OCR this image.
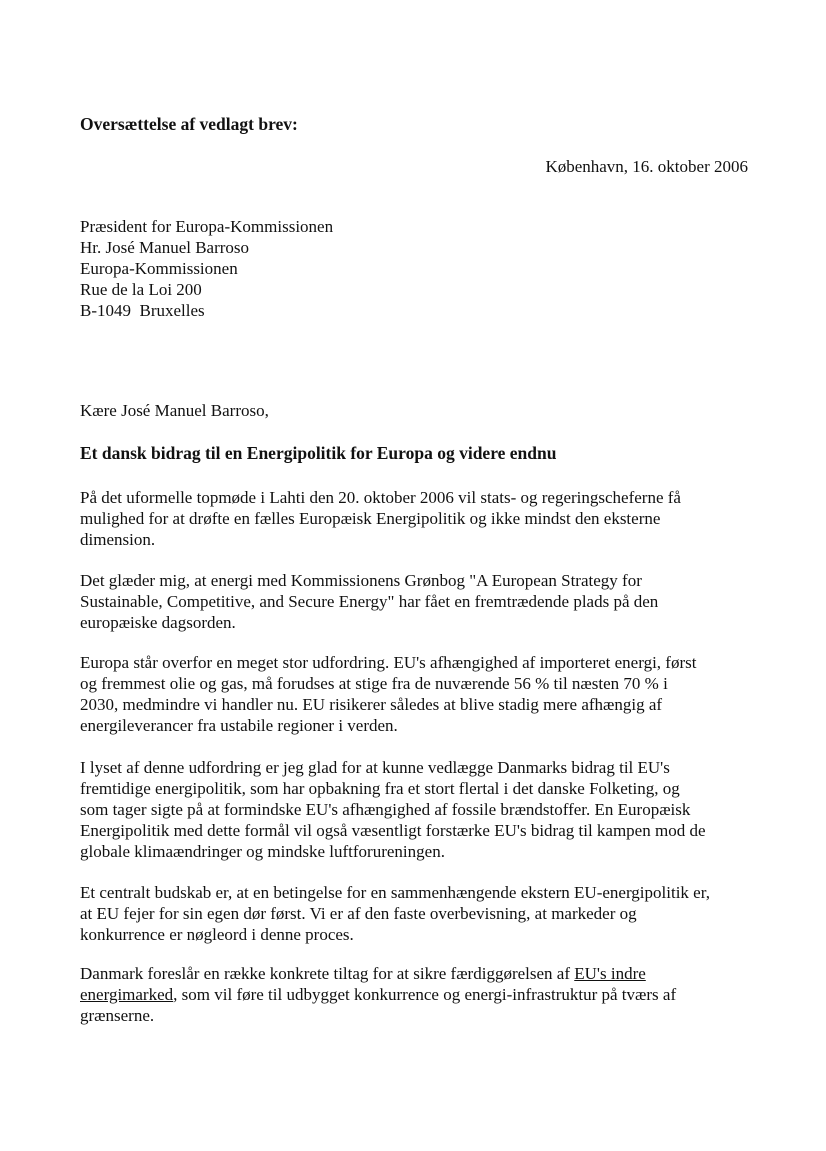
Oversættelse af vedlagt brev:
København, 16. oktober 2006
Præsident for Europa-Kommissionen
Hr. José Manuel Barroso
Europa-Kommissionen
Rue de la Loi 200
B-1049  Bruxelles
Kære José Manuel Barroso,
Et dansk bidrag til en Energipolitik for Europa og videre endnu

På det uformelle topmøde i Lahti den 20. oktober 2006 vil stats- og regeringscheferne få
mulighed for at drøfte en fælles Europæisk Energipolitik og ikke mindst den eksterne
dimension.

Det glæder mig, at energi med Kommissionens Grønbog "A European Strategy for
Sustainable, Competitive, and Secure Energy" har fået en fremtrædende plads på den
europæiske dagsorden.

Europa står overfor en meget stor udfordring. EU's afhængighed af importeret energi, først
og fremmest olie og gas, må forudses at stige fra de nuværende 56 % til næsten 70 % i
2030, medmindre vi handler nu. EU risikerer således at blive stadig mere afhængig af
energileverancer fra ustabile regioner i verden.

I lyset af denne udfordring er jeg glad for at kunne vedlægge Danmarks bidrag til EU's
fremtidige energipolitik, som har opbakning fra et stort flertal i det danske Folketing, og
som tager sigte på at formindske EU's afhængighed af fossile brændstoffer. En Europæisk
Energipolitik med dette formål vil også væsentligt forstærke EU's bidrag til kampen mod de
globale klimaændringer og mindske luftforureningen.

Et centralt budskab er, at en betingelse for en sammenhængende ekstern EU-energipolitik er,
at EU fejer for sin egen dør først. Vi er af den faste overbevisning, at markeder og
konkurrence er nøgleord i denne proces.

Danmark foreslår en række konkrete tiltag for at sikre færdiggørelsen af EU's indre
energimarked, som vil føre til udbygget konkurrence og energi-infrastruktur på tværs af
grænserne.
